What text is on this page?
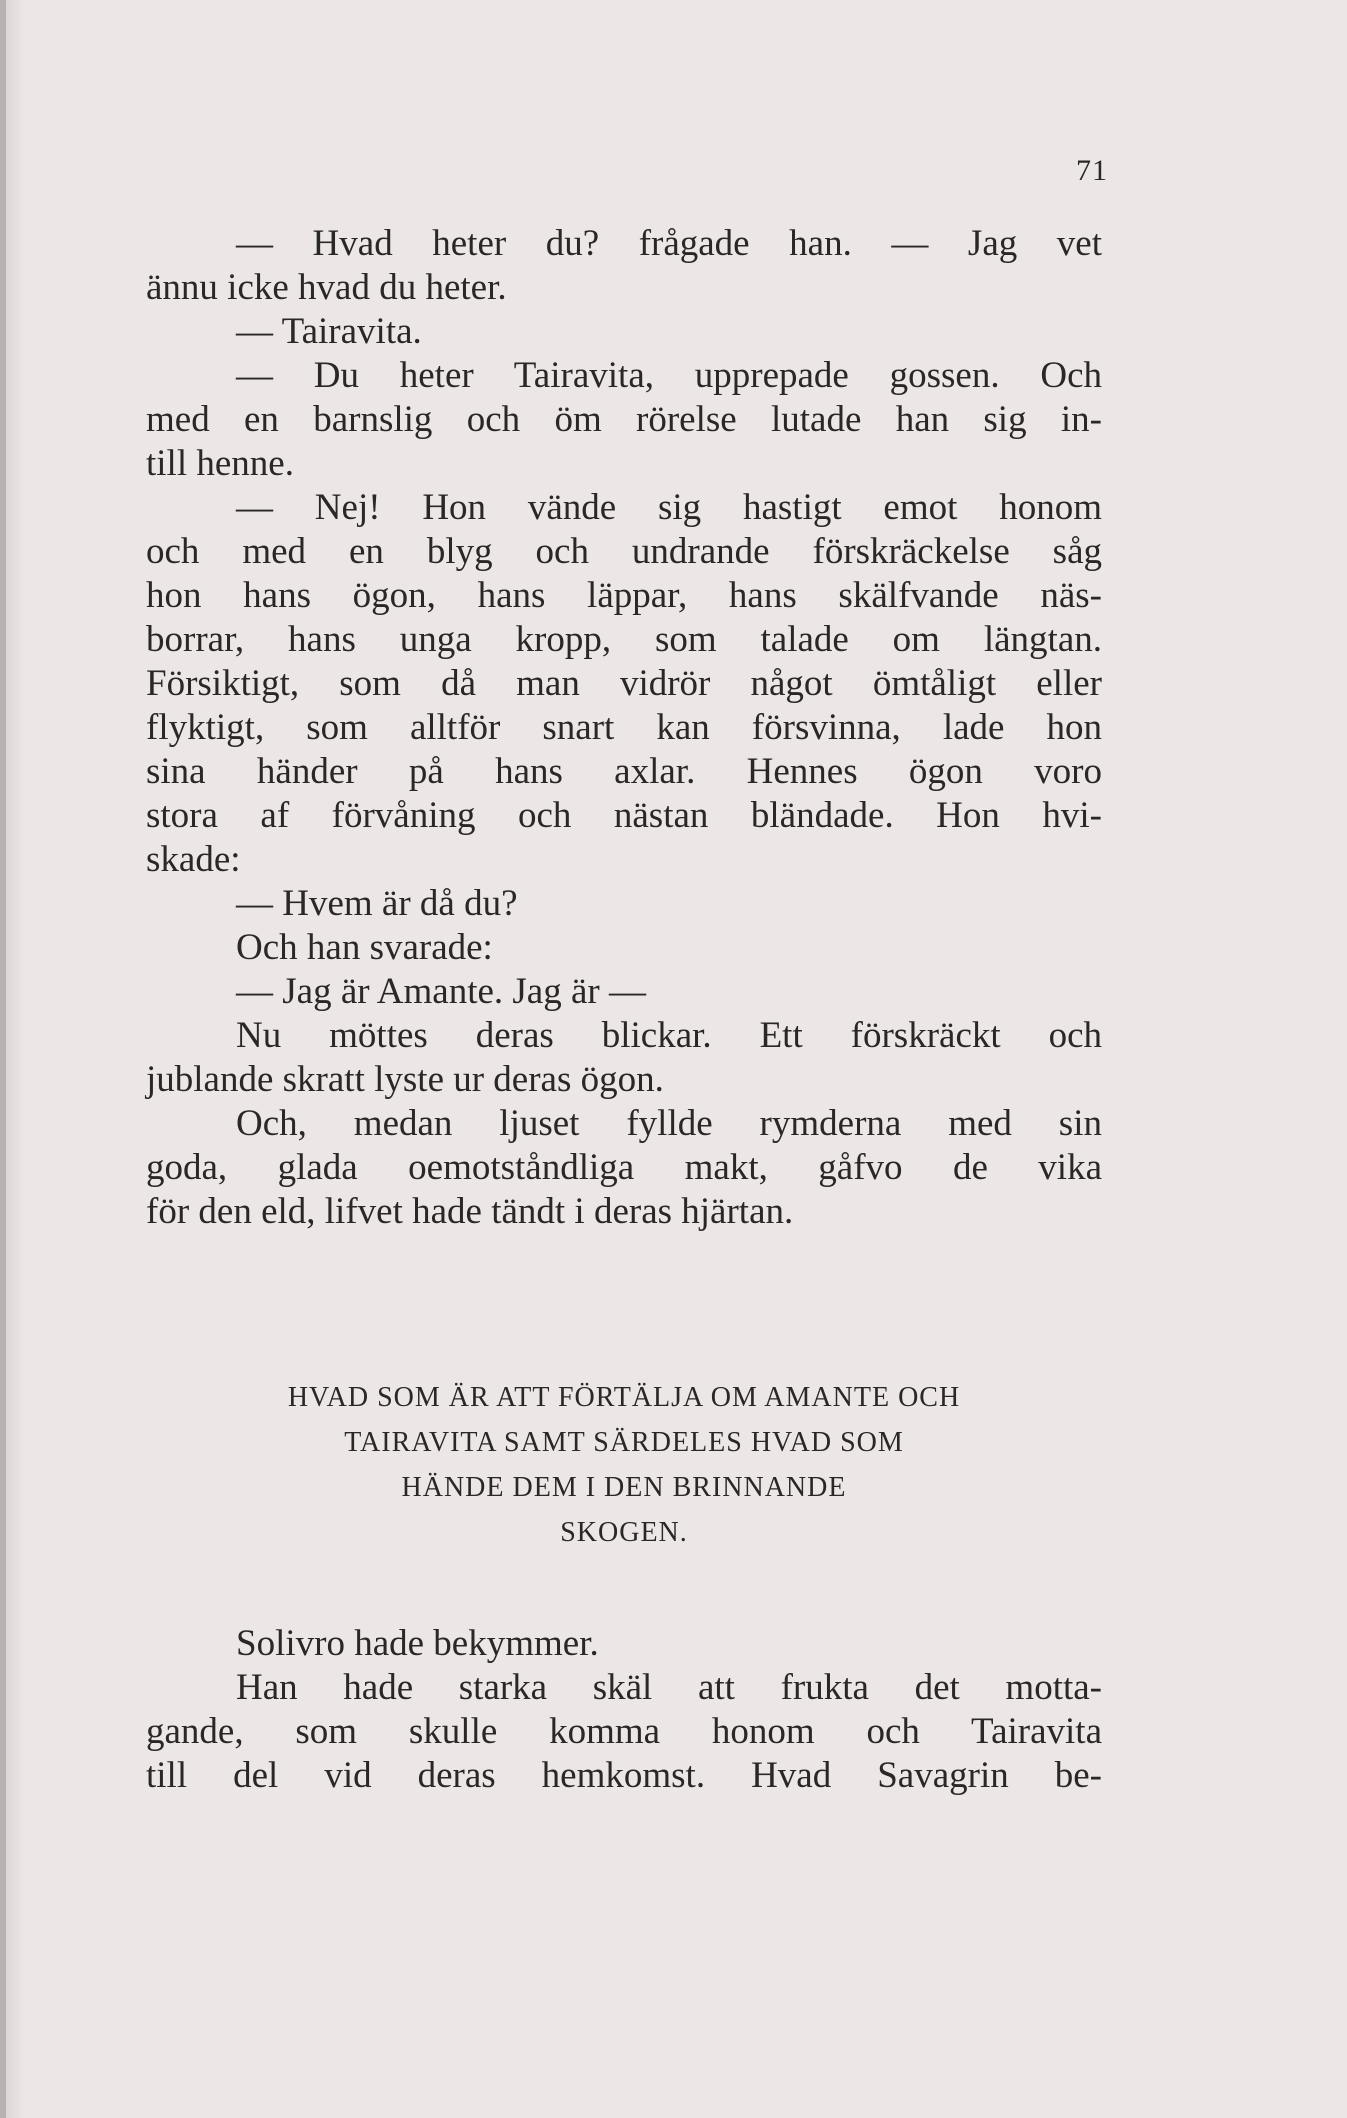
71
— Hvad heter du? frågade han. — Jag vet
ännu icke hvad du heter.
— Tairavita.
— Du heter Tairavita, upprepade gossen. Och
med en barnslig och öm rörelse lutade han sig in-
till henne.
— Nej! Hon vände sig hastigt emot honom
och med en blyg och undrande förskräckelse såg
hon hans ögon, hans läppar, hans skälfvande näs-
borrar, hans unga kropp, som talade om längtan.
Försiktigt, som då man vidrör något ömtåligt eller
flyktigt, som alltför snart kan försvinna, lade hon
sina händer på hans axlar. Hennes ögon voro
stora af förvåning och nästan bländade. Hon hvi-
skade:
— Hvem är då du?
Och han svarade:
— Jag är Amante. Jag är —
Nu möttes deras blickar. Ett förskräckt och
jublande skratt lyste ur deras ögon.
Och, medan ljuset fyllde rymderna med sin
goda, glada oemotståndliga makt, gåfvo de vika
för den eld, lifvet hade tändt i deras hjärtan.
HVAD SOM ÄR ATT FÖRTÄLJA OM AMANTE OCH
TAIRAVITA SAMT SÄRDELES HVAD SOM
HÄNDE DEM I DEN BRINNANDE
SKOGEN.
Solivro hade bekymmer.
Han hade starka skäl att frukta det motta-
gande, som skulle komma honom och Tairavita
till del vid deras hemkomst. Hvad Savagrin be-
